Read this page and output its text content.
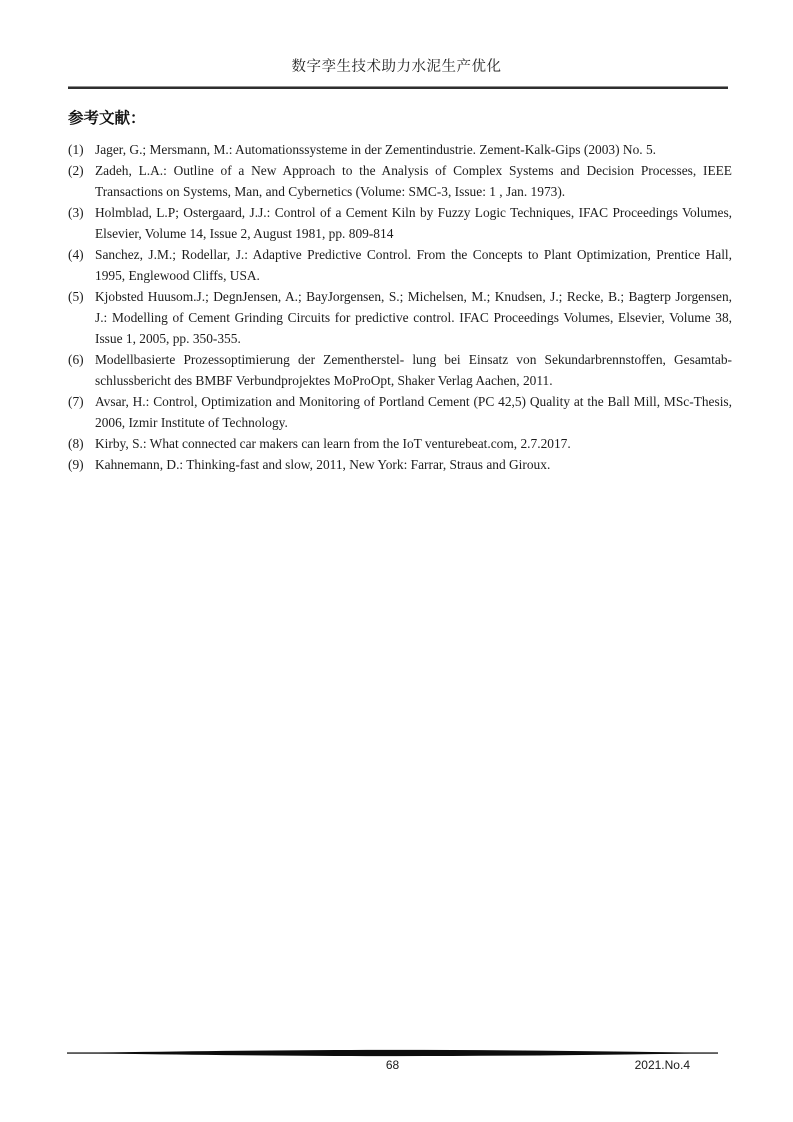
数字孪生技术助力水泥生产优化
参考文献：
(1) Jager, G.; Mersmann, M.: Automationssysteme in der Zementindustrie. Zement-Kalk-Gips (2003) No. 5.
(2) Zadeh, L.A.: Outline of a New Approach to the Analysis of Complex Systems and Decision Processes, IEEE Transactions on Systems, Man, and Cybernetics (Volume: SMC-3, Issue: 1 , Jan. 1973).
(3) Holmblad, L.P; Ostergaard, J.J.: Control of a Cement Kiln by Fuzzy Logic Techniques, IFAC Proceedings Volumes, Elsevier, Volume 14, Issue 2, August 1981, pp. 809-814
(4) Sanchez, J.M.; Rodellar, J.: Adaptive Predictive Control. From the Concepts to Plant Optimization, Prentice Hall, 1995, Englewood Cliffs, USA.
(5) Kjobsted Huusom.J.; DegnJensen, A.; BayJorgensen, S.; Michelsen, M.; Knudsen, J.; Recke, B.; Bagterp Jorgensen, J.: Modelling of Cement Grinding Circuits for predictive control. IFAC Proceedings Volumes, Elsevier, Volume 38, Issue 1, 2005, pp. 350-355.
(6) Modellbasierte Prozessoptimierung der Zementherstel- lung bei Einsatz von Sekundarbrennstoffen, Gesamtab-schlussbericht des BMBF Verbundprojektes MoProOpt, Shaker Verlag Aachen, 2011.
(7) Avsar, H.: Control, Optimization and Monitoring of Portland Cement (PC 42,5) Quality at the Ball Mill, MSc-Thesis, 2006, Izmir Institute of Technology.
(8) Kirby, S.: What connected car makers can learn from the IoT venturebeat.com, 2.7.2017.
(9) Kahnemann, D.: Thinking-fast and slow, 2011, New York: Farrar, Straus and Giroux.
68	2021.No.4
